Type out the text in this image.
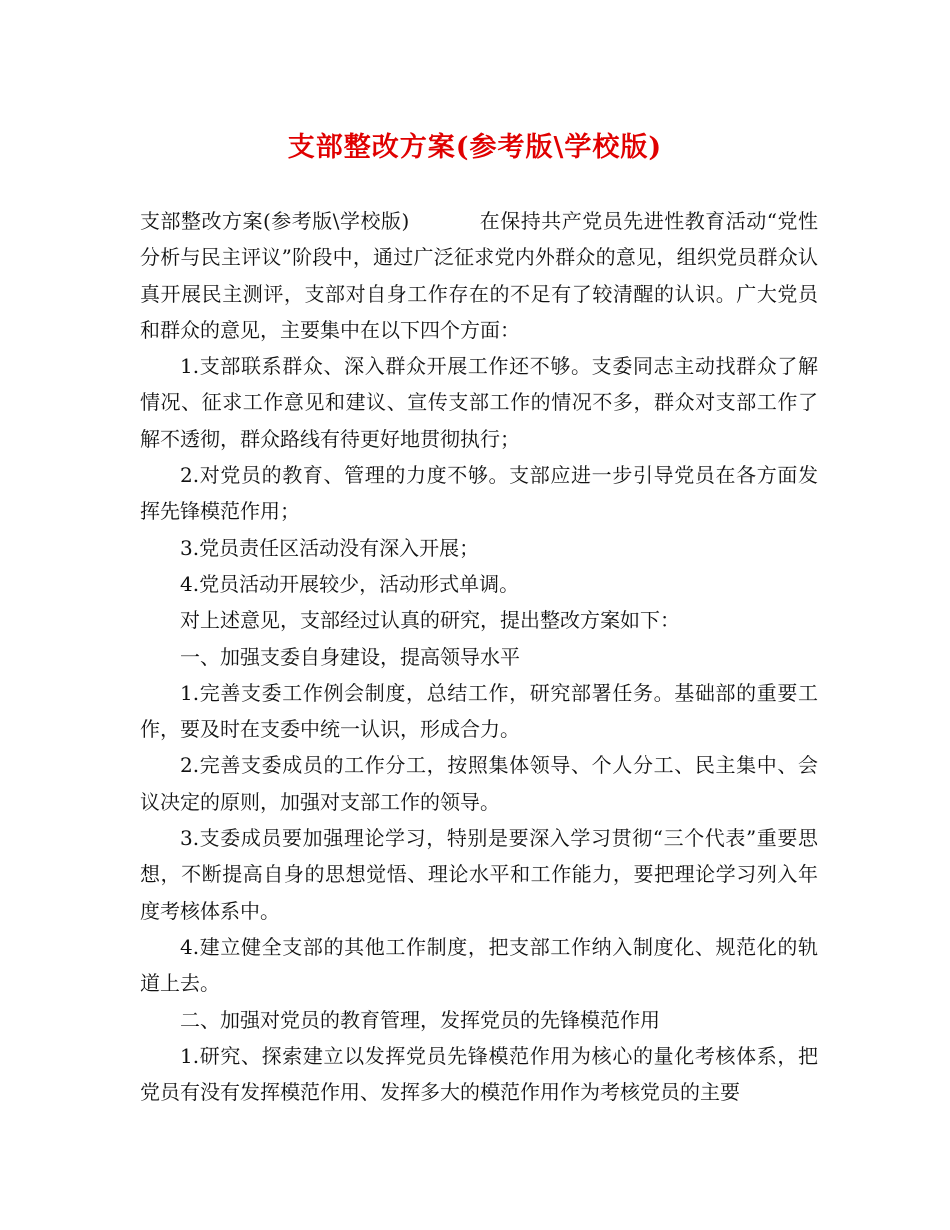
支部整改方案(参考版\学校版)

支部整改方案(参考版\学校版)	在保持共产党员先进性教育活动“党性分析与民主评议”阶段中，通过广泛征求党内外群众的意见，组织党员群众认真开展民主测评，支部对自身工作存在的不足有了较清醒的认识。广大党员和群众的意见，主要集中在以下四个方面：

1.支部联系群众、深入群众开展工作还不够。支委同志主动找群众了解情况、征求工作意见和建议、宣传支部工作的情况不多，群众对支部工作了解不透彻，群众路线有待更好地贯彻执行；

2.对党员的教育、管理的力度不够。支部应进一步引导党员在各方面发挥先锋模范作用；

3.党员责任区活动没有深入开展；

4.党员活动开展较少，活动形式单调。

对上述意见，支部经过认真的研究，提出整改方案如下：

一、加强支委自身建设，提高领导水平

1.完善支委工作例会制度，总结工作，研究部署任务。基础部的重要工作，要及时在支委中统一认识，形成合力。

2.完善支委成员的工作分工，按照集体领导、个人分工、民主集中、会议决定的原则，加强对支部工作的领导。

3.支委成员要加强理论学习，特别是要深入学习贯彻“三个代表”重要思想，不断提高自身的思想觉悟、理论水平和工作能力，要把理论学习列入年度考核体系中。

4.建立健全支部的其他工作制度，把支部工作纳入制度化、规范化的轨道上去。

二、加强对党员的教育管理，发挥党员的先锋模范作用

1.研究、探索建立以发挥党员先锋模范作用为核心的量化考核体系，把党员有没有发挥模范作用、发挥多大的模范作用作为考核党员的主要
